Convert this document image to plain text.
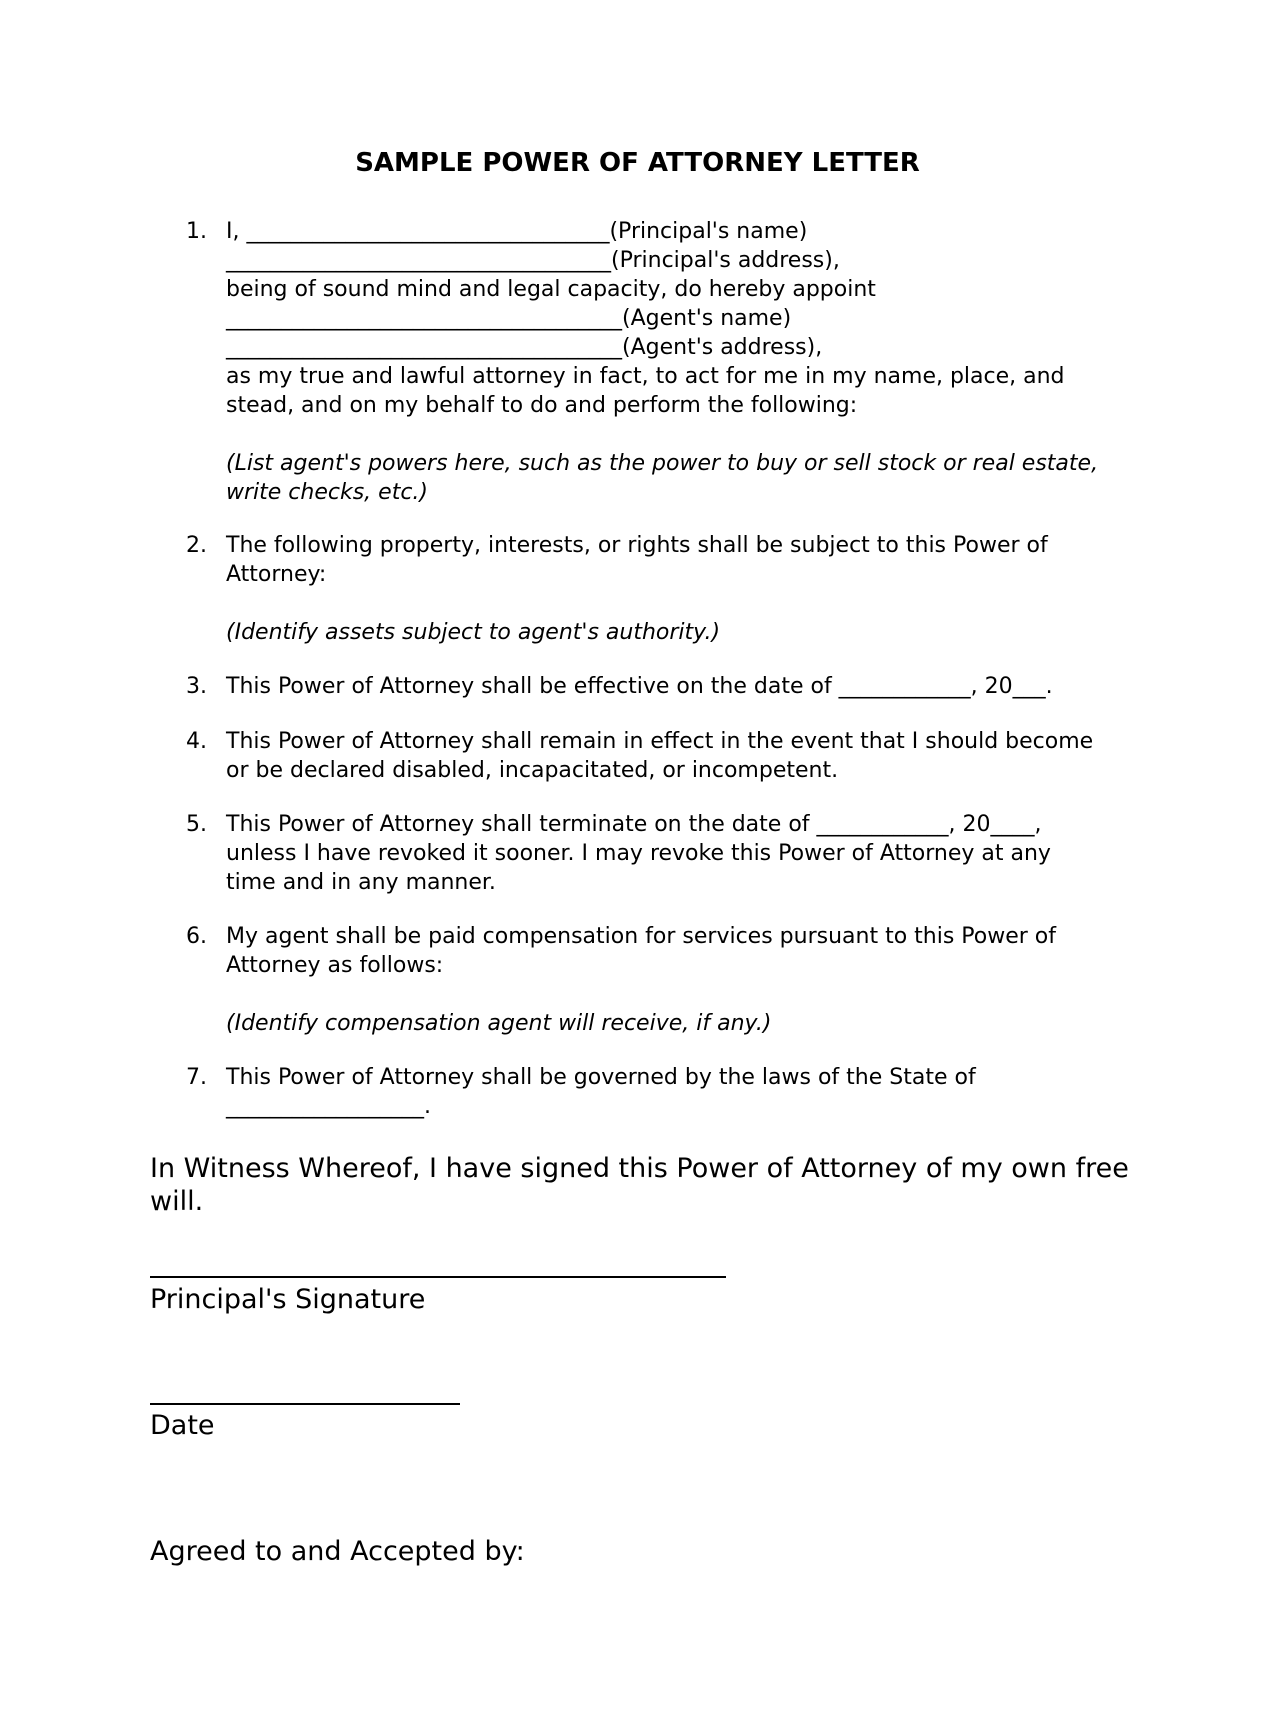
SAMPLE POWER OF ATTORNEY LETTER
1. I, _________________________________(Principal's name)
___________________________________(Principal's address),
being of sound mind and legal capacity, do hereby appoint
____________________________________(Agent's name)
____________________________________(Agent's address),
as my true and lawful attorney in fact, to act for me in my name, place, and
stead, and on my behalf to do and perform the following:
(List agent's powers here, such as the power to buy or sell stock or real estate,
write checks, etc.)
2. The following property, interests, or rights shall be subject to this Power of
Attorney:
(Identify assets subject to agent's authority.)
3. This Power of Attorney shall be effective on the date of ____________, 20___.
4. This Power of Attorney shall remain in effect in the event that I should become
or be declared disabled, incapacitated, or incompetent.
5. This Power of Attorney shall terminate on the date of ____________, 20____,
unless I have revoked it sooner. I may revoke this Power of Attorney at any
time and in any manner.
6. My agent shall be paid compensation for services pursuant to this Power of
Attorney as follows:
(Identify compensation agent will receive, if any.)
7. This Power of Attorney shall be governed by the laws of the State of
__________________.
In Witness Whereof, I have signed this Power of Attorney of my own free
will.
Principal's Signature
Date
Agreed to and Accepted by:
